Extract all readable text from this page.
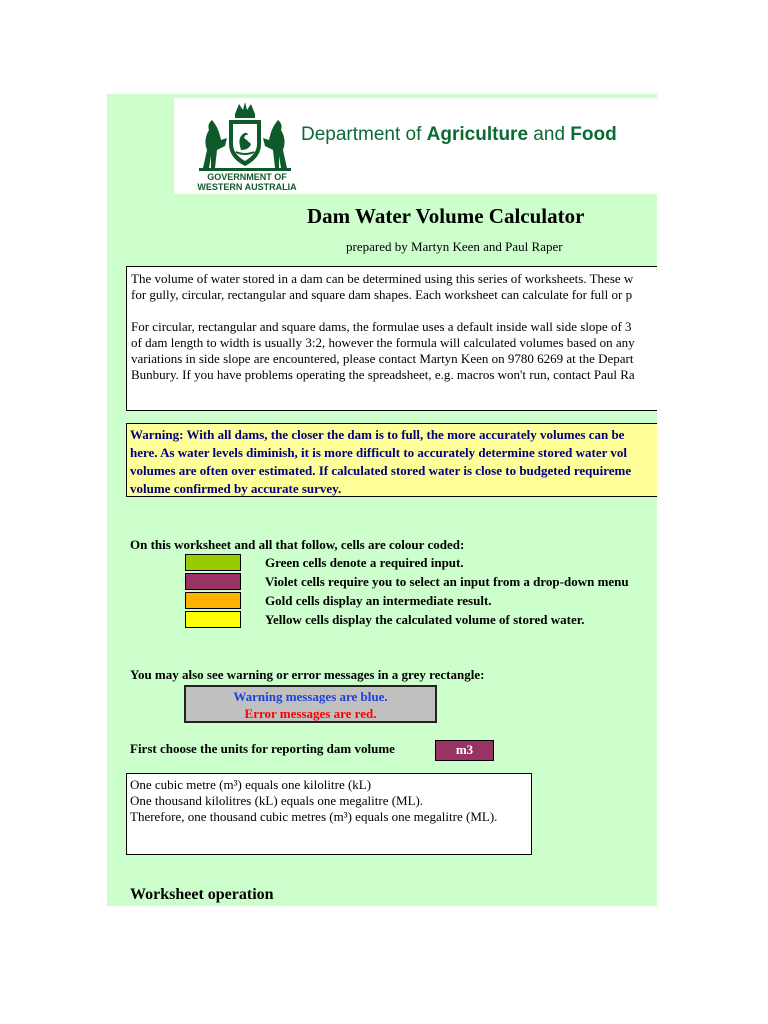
GOVERNMENT OF
WESTERN AUSTRALIA
Department of Agriculture and Food
Dam Water Volume Calculator
prepared by Martyn Keen and Paul Raper

The volume of water stored in a dam can be determined using this series of worksheets. These w
for gully, circular, rectangular and square dam shapes. Each worksheet can calculate for full or p

For circular, rectangular and square dams, the formulae uses a default inside wall side slope of 3
of dam length to width is usually 3:2, however the formula will calculated volumes based on any
variations in side slope are encountered, please contact Martyn Keen on 9780 6269 at the Depart
Bunbury. If you have problems operating the spreadsheet, e.g. macros won't run, contact Paul Ra

Warning: With all dams, the closer the dam is to full, the more accurately volumes can be
here. As water levels diminish, it is more difficult to accurately determine stored water vol
volumes are often over estimated. If calculated stored water is close to budgeted requireme
volume confirmed by accurate survey.
On this worksheet and all that follow, cells are colour coded:
Green cells denote a required input.
Violet cells require you to select an input from a drop-down menu
Gold cells display an intermediate result.
Yellow cells display the calculated volume of stored water.
You may also see warning or error messages in a grey rectangle:
Warning messages are blue.
Error messages are red.
First choose the units for reporting dam volume	m3
One cubic metre (m³) equals one kilolitre (kL)
One thousand kilolitres (kL) equals one megalitre (ML).
Therefore, one thousand cubic metres (m³) equals one megalitre (ML).
Worksheet operation
